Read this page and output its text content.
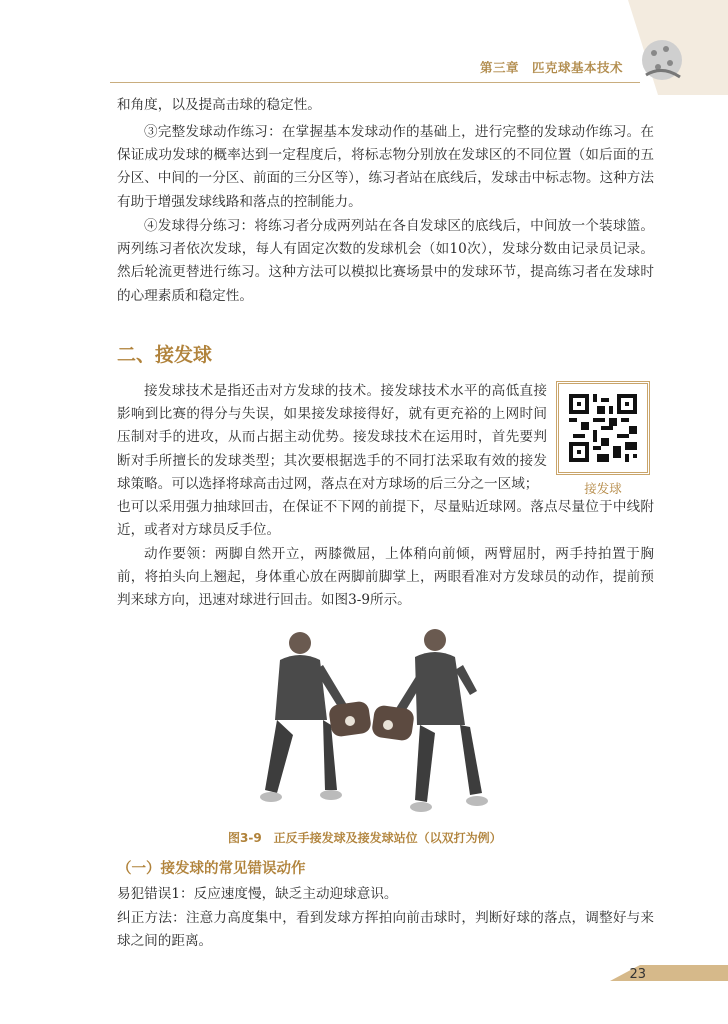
第三章　匹克球基本技术

和角度，以及提高击球的稳定性。

③完整发球动作练习：在掌握基本发球动作的基础上，进行完整的发球动作练习。在保证成功发球的概率达到一定程度后，将标志物分别放在发球区的不同位置（如后面的五分区、中间的一分区、前面的三分区等），练习者站在底线后，发球击中标志物。这种方法有助于增强发球线路和落点的控制能力。

④发球得分练习：将练习者分成两列站在各自发球区的底线后，中间放一个装球篮。两列练习者依次发球，每人有固定次数的发球机会（如10次），发球分数由记录员记录。然后轮流更替进行练习。这种方法可以模拟比赛场景中的发球环节，提高练习者在发球时 的心理素质和稳定性。

二、接发球

接发球技术是指还击对方发球的技术。接发球技术水平的高低直接影响到比赛的得分与失误，如果接发球接得好，就有更充裕的上网时间压制对手的进攻，从而占据主动优势。接发球技术在运用时，首先要判断对手所擅长的发球类型；其次要根据选手的不同打法采取有效的接发球策略。可以选择将球高击过网，落点在对方球场的后三分之一区域；	接发球

也可以采用强力抽球回击，在保证不下网的前提下，尽量贴近球网。落点尽量位于中线附近，或者对方球员反手位。

动作要领：两脚自然开立，两膝微屈，上体稍向前倾，两臂屈肘，两手持拍置于胸前，将拍头向上翘起，身体重心放在两脚前脚掌上，两眼看准对方发球员的动作，提前预判来球方向，迅速对球进行回击。如图3-9所示。

图3-9　正反手接发球及接发球站位（以双打为例）
（一）接发球的常见错误动作

易犯错误1：反应速度慢，缺乏主动迎球意识。

纠正方法：注意力高度集中，看到发球方挥拍向前击球时，判断好球的落点，调整好与来球之间的距离。

23
